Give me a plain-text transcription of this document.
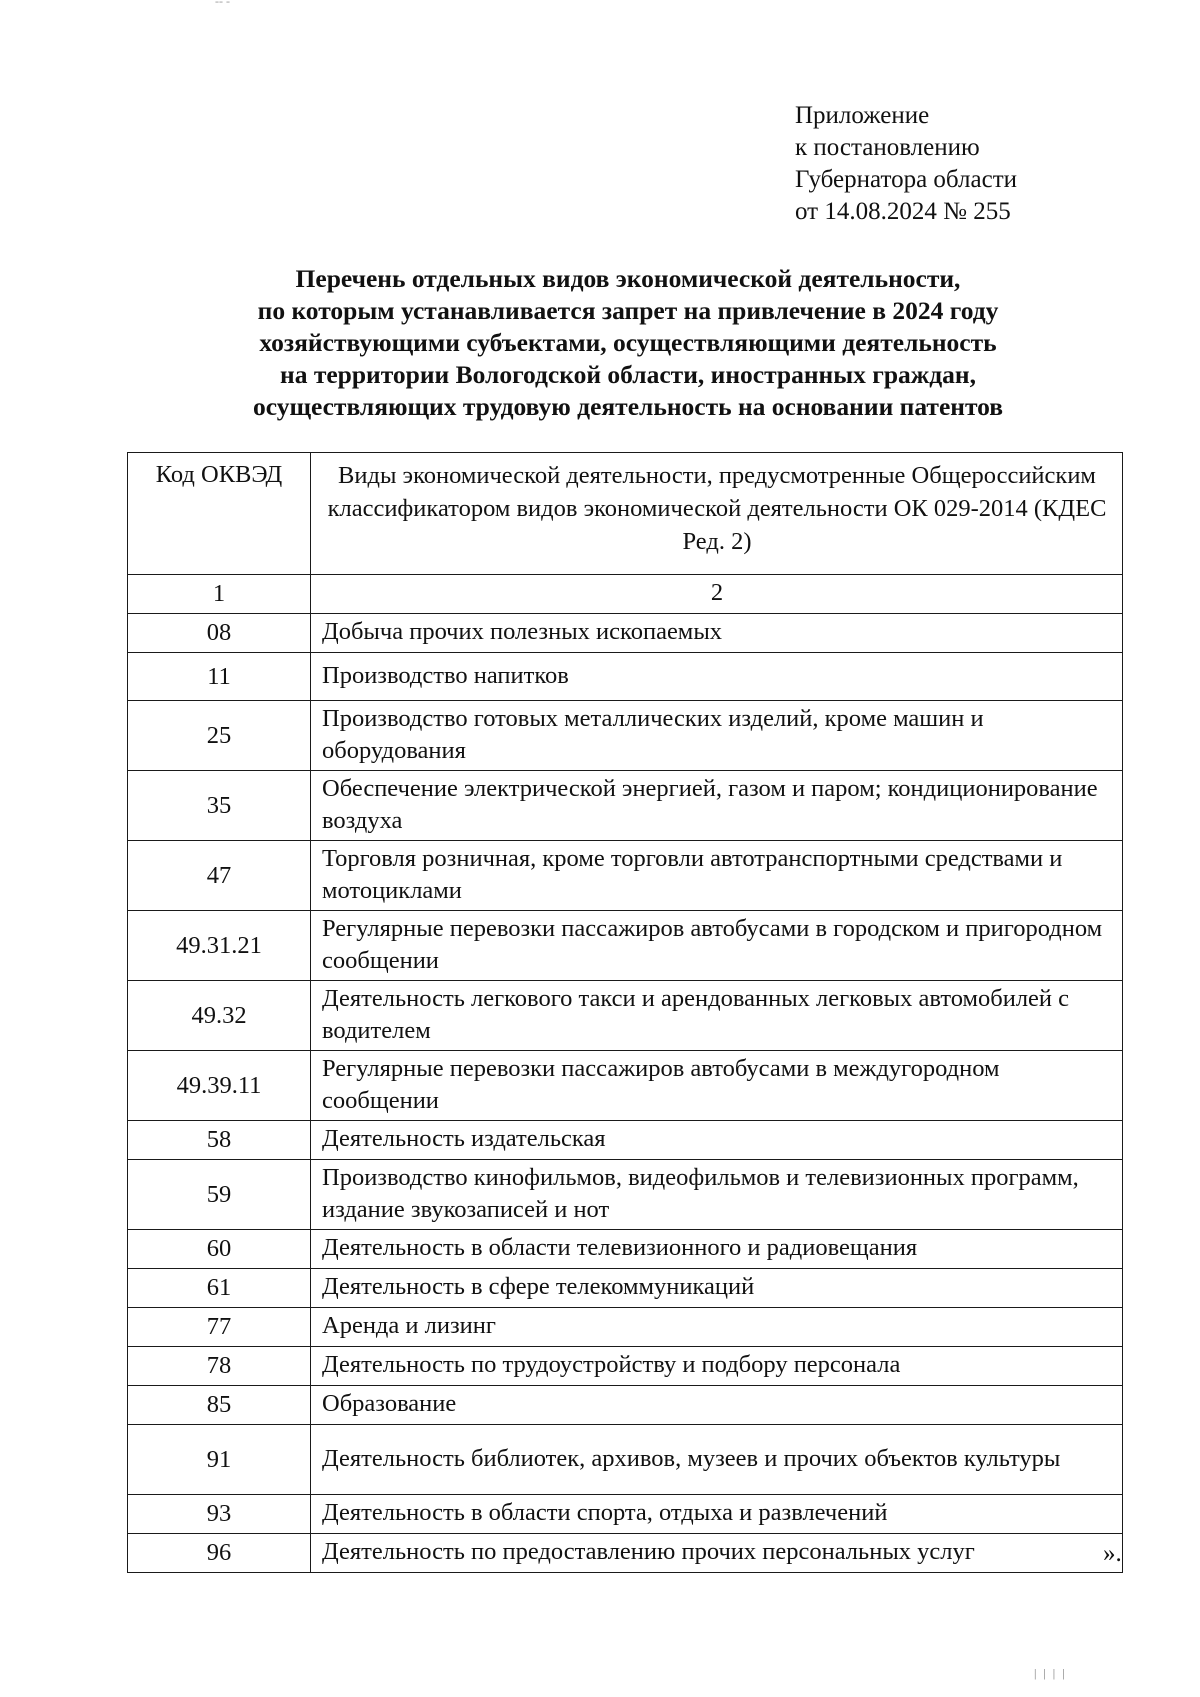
-- -
Приложение
к постановлению
Губернатора области
от 14.08.2024 № 255
Перечень отдельных видов экономической деятельности,
по которым устанавливается запрет на привлечение в 2024 году
хозяйствующими субъектами, осуществляющими деятельность
на территории Вологодской области, иностранных граждан,
осуществляющих трудовую деятельность на основании патентов
Код ОКВЭД	Виды экономической деятельности, предусмотренные Общероссийским классификатором видов экономической деятельности ОК 029-2014 (КДЕС Ред. 2)
1	2
08	Добыча прочих полезных ископаемых
11	Производство напитков
25	Производство готовых металлических изделий, кроме машин и оборудования
35	Обеспечение электрической энергией, газом и паром; кондиционирование воздуха
47	Торговля розничная, кроме торговли автотранспортными средствами и мотоциклами
49.31.21	Регулярные перевозки пассажиров автобусами в городском и пригородном сообщении
49.32	Деятельность легкового такси и арендованных легковых автомобилей с водителем
49.39.11	Регулярные перевозки пассажиров автобусами в междугородном сообщении
58	Деятельность издательская
59	Производство кинофильмов, видеофильмов и телевизионных программ, издание звукозаписей и нот
60	Деятельность в области телевизионного и радиовещания
61	Деятельность в сфере телекоммуникаций
77	Аренда и лизинг
78	Деятельность по трудоустройству и подбору персонала
85	Образование
91	Деятельность библиотек, архивов, музеев и прочих объектов культуры
93	Деятельность в области спорта, отдыха и развлечений
96	Деятельность по предоставлению прочих персональных услуг	».
| | | |
